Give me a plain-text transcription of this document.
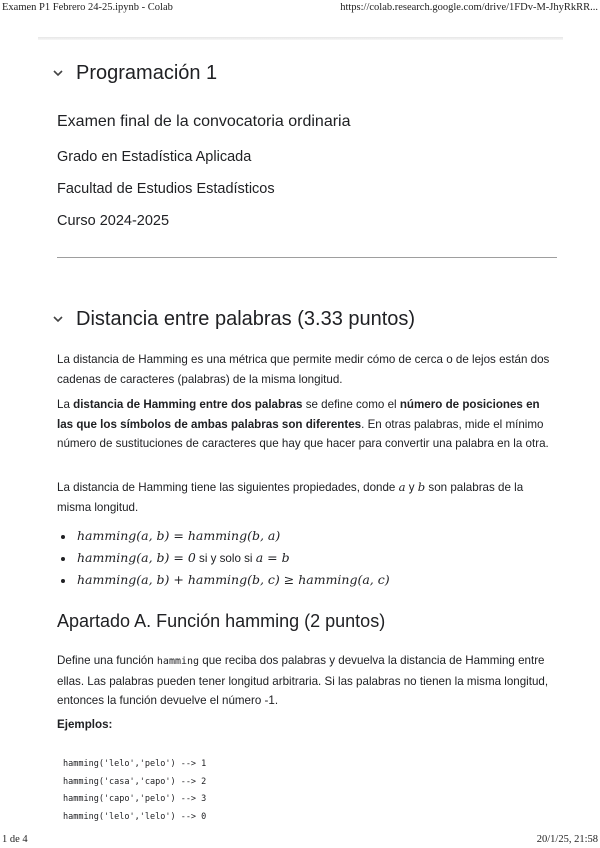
Examen P1 Febrero 24-25.ipynb - Colab	https://colab.research.google.com/drive/1FDv-M-JhyRkRR...
Programación 1
Examen final de la convocatoria ordinaria
Grado en Estadística Aplicada
Facultad de Estudios Estadísticos
Curso 2024-2025
Distancia entre palabras (3.33 puntos)
La distancia de Hamming es una métrica que permite medir cómo de cerca o de lejos están dos cadenas de caracteres (palabras) de la misma longitud.
La distancia de Hamming entre dos palabras se define como el número de posiciones en las que los símbolos de ambas palabras son diferentes. En otras palabras, mide el mínimo número de sustituciones de caracteres que hay que hacer para convertir una palabra en la otra.
La distancia de Hamming tiene las siguientes propiedades, donde a y b son palabras de la misma longitud.
• hamming(a, b) = hamming(b, a)
• hamming(a, b) = 0 si y solo si a = b
• hamming(a, b) + hamming(b, c) ≥ hamming(a, c)
Apartado A. Función hamming (2 puntos)
Define una función hamming que reciba dos palabras y devuelva la distancia de Hamming entre ellas. Las palabras pueden tener longitud arbitraria. Si las palabras no tienen la misma longitud, entonces la función devuelve el número -1.
Ejemplos:
hamming('lelo','pelo') --> 1
hamming('casa','capo') --> 2
hamming('capo','pelo') --> 3
hamming('lelo','lelo') --> 0
1 de 4	20/1/25, 21:58
